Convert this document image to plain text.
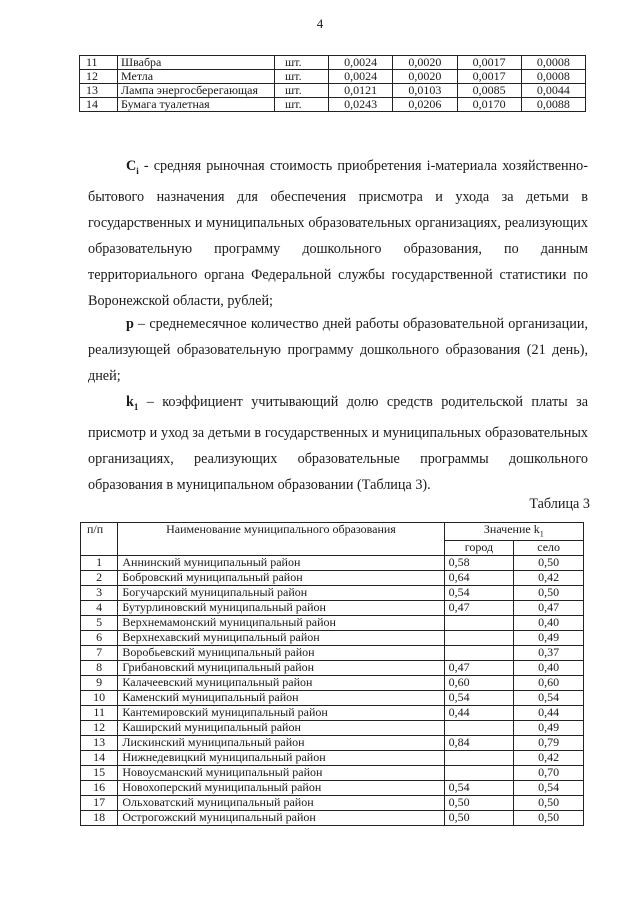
4
11	Швабра	шт.	0,0024	0,0020	0,0017	0,0008
12	Метла	шт.	0,0024	0,0020	0,0017	0,0008
13	Лампа энергосберегающая	шт.	0,0121	0,0103	0,0085	0,0044
14	Бумага туалетная	шт.	0,0243	0,0206	0,0170	0,0088
$C_i$ - средняя рыночная стоимость приобретения i-материала хозяйственно-бытового назначения для обеспечения присмотра и ухода за детьми в государственных и муниципальных образовательных организациях, реализующих образовательную программу дошкольного образования, по данным территориального органа Федеральной службы государственной статистики по Воронежской области, рублей;
p – среднемесячное количество дней работы образовательной организации, реализующей образовательную программу дошкольного образования (21 день), дней;
$k_1$ – коэффициент учитывающий долю средств родительской платы за присмотр и уход за детьми в государственных и муниципальных образовательных организациях, реализующих образовательные программы дошкольного образования в муниципальном образовании (Таблица 3).
Таблица 3
п/п	Наименование муниципального образования	Значение $k_1$
		город	село
1	Аннинский муниципальный район	0,58	0,50
2	Бобровский муниципальный район	0,64	0,42
3	Богучарский муниципальный район	0,54	0,50
4	Бутурлиновский муниципальный район	0,47	0,47
5	Верхнемамонский муниципальный район		0,40
6	Верхнехавский муниципальный район		0,49
7	Воробьевский муниципальный район		0,37
8	Грибановский муниципальный район	0,47	0,40
9	Калачеевский муниципальный район	0,60	0,60
10	Каменский муниципальный район	0,54	0,54
11	Кантемировский муниципальный район	0,44	0,44
12	Каширский муниципальный район		0,49
13	Лискинский муниципальный район	0,84	0,79
14	Нижнедевицкий муниципальный район		0,42
15	Новоусманский муниципальный район		0,70
16	Новохоперский муниципальный район	0,54	0,54
17	Ольховатский муниципальный район	0,50	0,50
18	Острогожский муниципальный район	0,50	0,50
